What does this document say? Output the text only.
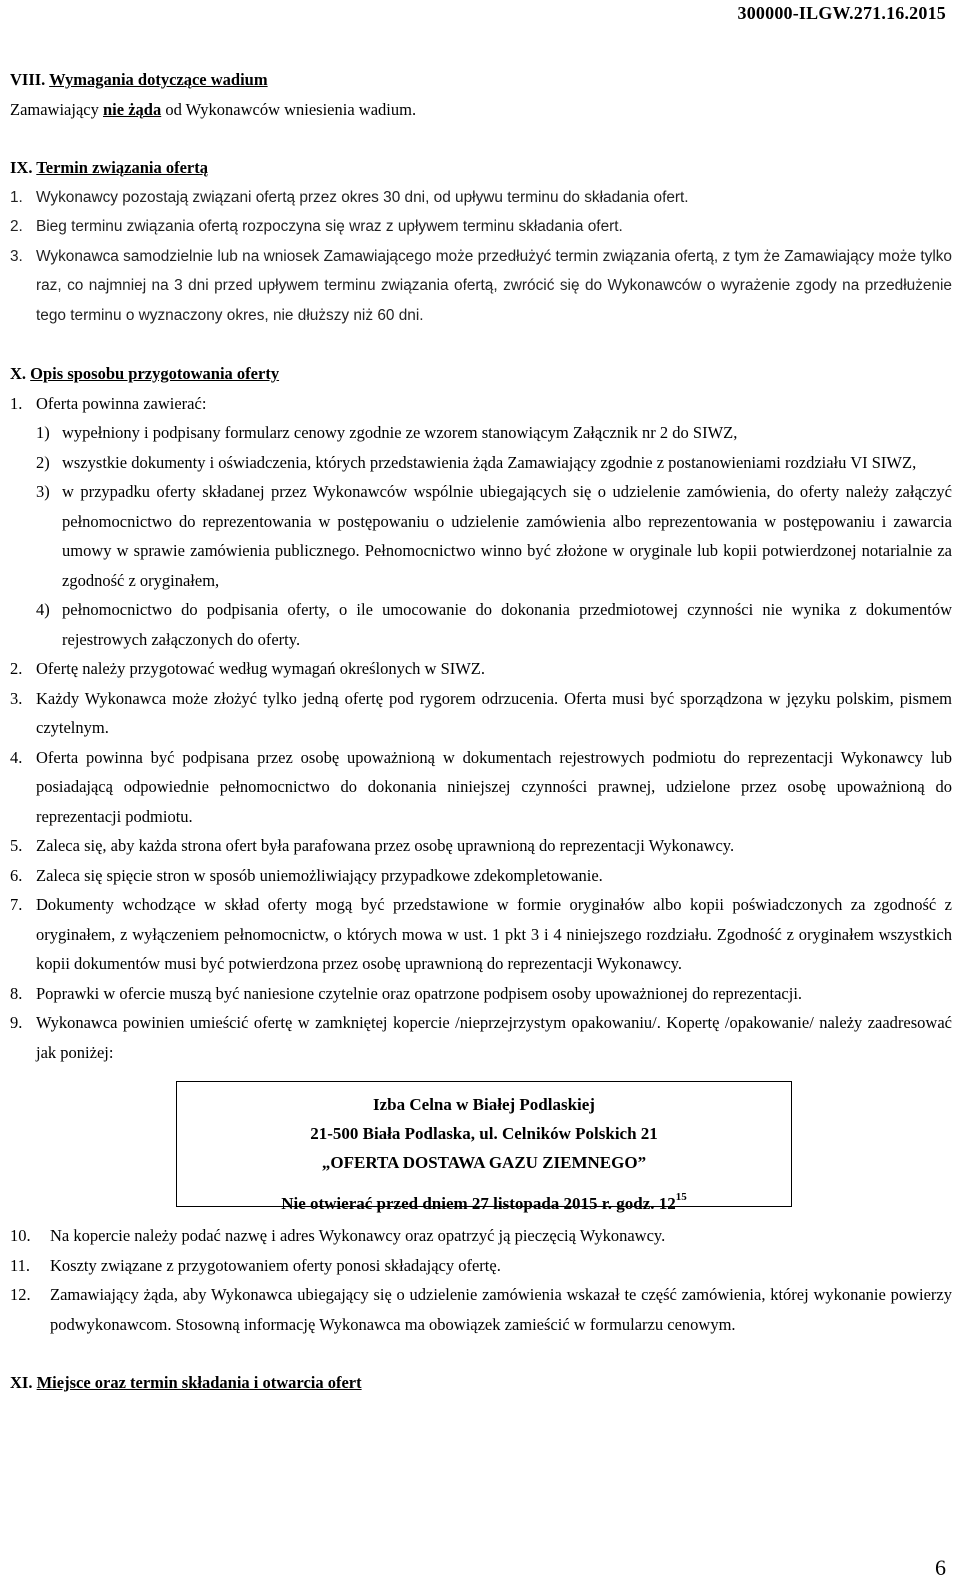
300000-ILGW.271.16.2015
VIII. Wymagania dotyczące wadium
Zamawiający nie żąda od Wykonawców wniesienia wadium.
IX. Termin związania ofertą
1. Wykonawcy pozostają związani ofertą przez okres 30 dni, od upływu terminu do składania ofert.
2. Bieg terminu związania ofertą rozpoczyna się wraz z upływem terminu składania ofert.
3. Wykonawca samodzielnie lub na wniosek Zamawiającego może przedłużyć termin związania ofertą, z tym że Zamawiający może tylko raz, co najmniej na 3 dni przed upływem terminu związania ofertą, zwrócić się do Wykonawców o wyrażenie zgody na przedłużenie tego terminu o wyznaczony okres, nie dłuższy niż 60 dni.
X. Opis sposobu przygotowania oferty
1. Oferta powinna zawierać:
1) wypełniony i podpisany formularz cenowy zgodnie ze wzorem stanowiącym Załącznik nr 2 do SIWZ,
2) wszystkie dokumenty i oświadczenia, których przedstawienia żąda Zamawiający zgodnie z postanowieniami rozdziału VI SIWZ,
3) w przypadku oferty składanej przez Wykonawców wspólnie ubiegających się o udzielenie zamówienia, do oferty należy załączyć pełnomocnictwo do reprezentowania w postępowaniu o udzielenie zamówienia albo reprezentowania w postępowaniu i zawarcia umowy w sprawie zamówienia publicznego. Pełnomocnictwo winno być złożone w oryginale lub kopii potwierdzonej notarialnie za zgodność z oryginałem,
4) pełnomocnictwo do podpisania oferty, o ile umocowanie do dokonania przedmiotowej czynności nie wynika z dokumentów rejestrowych załączonych do oferty.
2. Ofertę należy przygotować według wymagań określonych w SIWZ.
3. Każdy Wykonawca może złożyć tylko jedną ofertę pod rygorem odrzucenia. Oferta musi być sporządzona w języku polskim, pismem czytelnym.
4. Oferta powinna być podpisana przez osobę upoważnioną w dokumentach rejestrowych podmiotu do reprezentacji Wykonawcy lub posiadającą odpowiednie pełnomocnictwo do dokonania niniejszej czynności prawnej, udzielone przez osobę upoważnioną do reprezentacji podmiotu.
5. Zaleca się, aby każda strona ofert była parafowana przez osobę uprawnioną do reprezentacji Wykonawcy.
6. Zaleca się spięcie stron w sposób uniemożliwiający przypadkowe zdekompletowanie.
7. Dokumenty wchodzące w skład oferty mogą być przedstawione w formie oryginałów albo kopii poświadczonych za zgodność z oryginałem, z wyłączeniem pełnomocnictw, o których mowa w ust. 1 pkt 3 i 4 niniejszego rozdziału. Zgodność z oryginałem wszystkich kopii dokumentów musi być potwierdzona przez osobę uprawnioną do reprezentacji Wykonawcy.
8. Poprawki w ofercie muszą być naniesione czytelnie oraz opatrzone podpisem osoby upoważnionej do reprezentacji.
9. Wykonawca powinien umieścić ofertę w zamkniętej kopercie /nieprzejrzystym opakowaniu/. Kopertę /opakowanie/ należy zaadresować jak poniżej:
Izba Celna w Białej Podlaskiej
21-500 Biała Podlaska, ul. Celników Polskich 21
„OFERTA DOSTAWA GAZU ZIEMNEGO”
Nie otwierać przed dniem 27 listopada 2015 r. godz. $12^{15}$
10. Na kopercie należy podać nazwę i adres Wykonawcy oraz opatrzyć ją pieczęcią Wykonawcy.
11. Koszty związane z przygotowaniem oferty ponosi składający ofertę.
12. Zamawiający żąda, aby Wykonawca ubiegający się o udzielenie zamówienia wskazał te część zamówienia, której wykonanie powierzy podwykonawcom. Stosowną informację Wykonawca ma obowiązek zamieścić w formularzu cenowym.
XI. Miejsce oraz termin składania i otwarcia ofert
6
